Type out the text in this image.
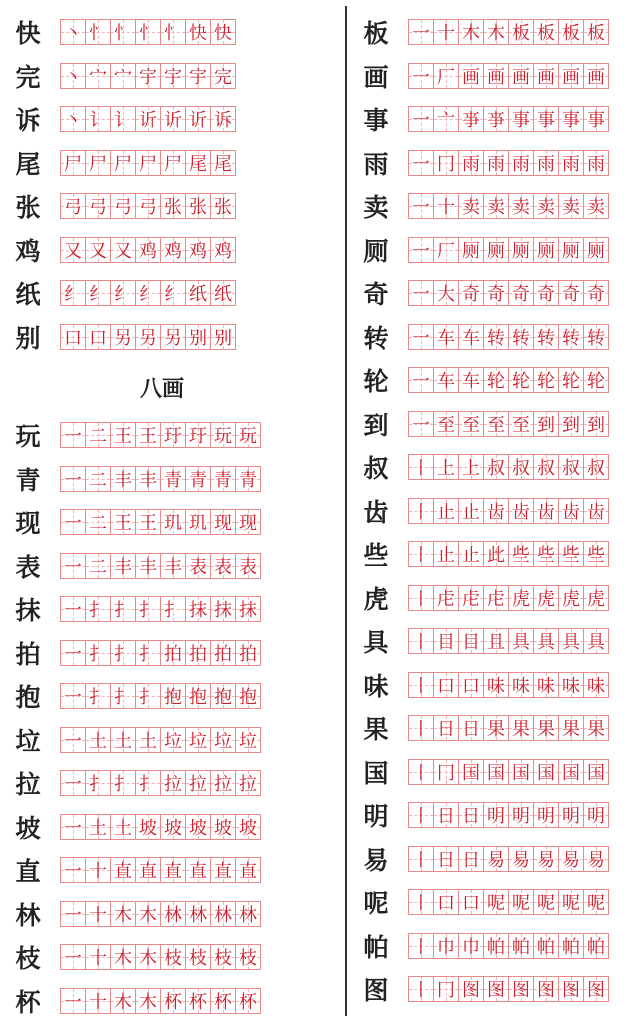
八画
快	丶 忄 忄 忄 忄 快 快
完	丶 宀 宀 宇 宇 宇 完
诉	丶 讠 讠 䜣 䜣 䜣 诉
尾	尸 尸 尸 尸 尸 尾 尾
张	弓 弓 弓 弓 张 张 张
鸡	又 又 又 鸡 鸡 鸡 鸡
纸	纟 纟 纟 纟 纟 纸 纸
别	口 口 另 另 另 别 别
玩	一 二 王 王 玗 玗 玩 玩
青	一 二 丰 丰 青 青 青 青
现	一 二 王 王 玑 玑 现 现
表	一 二 丰 丰 丰 表 表 表
抹	一 扌 扌 扌 扌 抹 抹 抹
拍	一 扌 扌 扌 拍 拍 拍 拍
抱	一 扌 扌 扌 抱 抱 抱 抱
垃	一 土 土 土 垃 垃 垃 垃
拉	一 扌 扌 扌 拉 拉 拉 拉
坡	一 土 土 坡 坡 坡 坡 坡
直	一 十 直 直 直 直 直 直
林	一 十 木 木 林 林 林 林
枝	一 十 木 木 枝 枝 枝 枝
杯	一 十 木 木 杯 杯 杯 杯
板	一 十 木 木 板 板 板 板
画	一 厂 画 画 画 画 画 画
事	一 亠 亊 亊 事 事 事 事
雨	一 冂 雨 雨 雨 雨 雨 雨
卖	一 十 卖 卖 卖 卖 卖 卖
厕	一 厂 厕 厕 厕 厕 厕 厕
奇	一 大 奇 奇 奇 奇 奇 奇
转	一 车 车 转 转 转 转 转
轮	一 车 车 轮 轮 轮 轮 轮
到	一 至 至 至 至 到 到 到
叔	丨 上 上 叔 叔 叔 叔 叔
齿	丨 止 止 齿 齿 齿 齿 齿
些	丨 止 止 此 些 些 些 些
虎	丨 虍 虍 虍 虎 虎 虎 虎
具	丨 目 目 且 具 具 具 具
味	丨 口 口 味 味 味 味 味
果	丨 日 日 果 果 果 果 果
国	丨 冂 国 国 国 国 国 国
明	丨 日 日 明 明 明 明 明
易	丨 日 日 易 易 易 易 易
呢	丨 口 口 呢 呢 呢 呢 呢
帕	丨 巾 巾 帕 帕 帕 帕 帕
图	丨 冂 图 图 图 图 图 图
